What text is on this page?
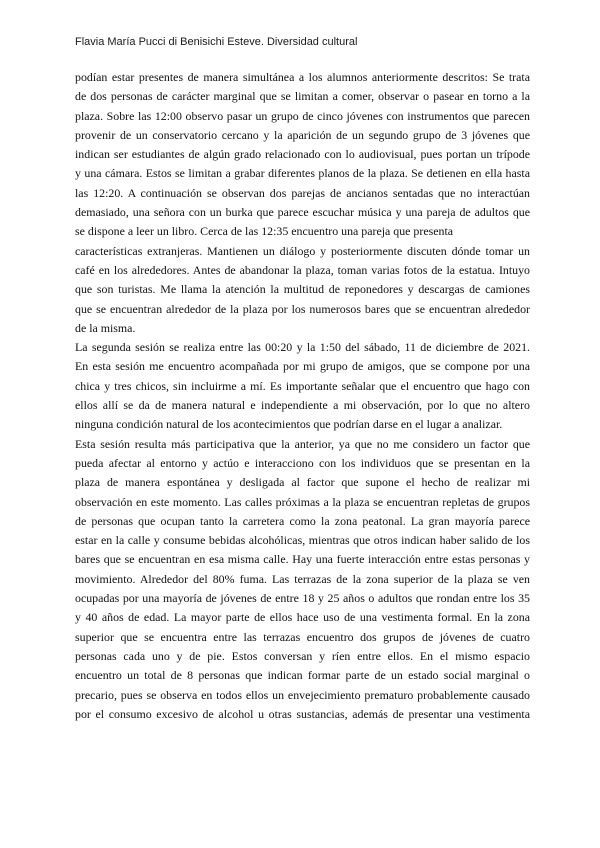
Flavia María Pucci di Benisichi Esteve. Diversidad cultural
podían estar presentes de manera simultánea a los alumnos anteriormente descritos: Se trata
de dos personas de carácter marginal que se limitan a comer, observar o pasear en torno a la
plaza. Sobre las 12:00 observo pasar un grupo de cinco jóvenes con instrumentos que parecen
provenir de un conservatorio cercano y la aparición de un segundo grupo de 3 jóvenes que
indican ser estudiantes de algún grado relacionado con lo audiovisual, pues portan un trípode
y una cámara. Estos se limitan a grabar diferentes planos de la plaza. Se detienen en ella hasta
las 12:20. A continuación se observan dos parejas de ancianos sentadas que no interactúan
demasiado, una señora con un burka que parece escuchar música y una pareja de adultos que
se dispone a leer un libro. Cerca de las 12:35 encuentro una pareja que presenta
características extranjeras. Mantienen un diálogo y posteriormente discuten dónde tomar un
café en los alrededores. Antes de abandonar la plaza, toman varias fotos de la estatua. Intuyo
que son turistas. Me llama la atención la multitud de reponedores y descargas de camiones
que se encuentran alrededor de la plaza por los numerosos bares que se encuentran alrededor
de la misma.
La segunda sesión se realiza entre las 00:20 y la 1:50 del sábado, 11 de diciembre de 2021.
En esta sesión me encuentro acompañada por mi grupo de amigos, que se compone por una
chica y tres chicos, sin incluirme a mí. Es importante señalar que el encuentro que hago con
ellos allí se da de manera natural e independiente a mi observación, por lo que no altero
ninguna condición natural de los acontecimientos que podrían darse en el lugar a analizar.
Esta sesión resulta más participativa que la anterior, ya que no me considero un factor que
pueda afectar al entorno y actúo e interacciono con los individuos que se presentan en la
plaza de manera espontánea y desligada al factor que supone el hecho de realizar mi
observación en este momento. Las calles próximas a la plaza se encuentran repletas de grupos
de personas que ocupan tanto la carretera como la zona peatonal. La gran mayoría parece
estar en la calle y consume bebidas alcohólicas, mientras que otros indican haber salido de los
bares que se encuentran en esa misma calle. Hay una fuerte interacción entre estas personas y
movimiento. Alrededor del 80% fuma. Las terrazas de la zona superior de la plaza se ven
ocupadas por una mayoría de jóvenes de entre 18 y 25 años o adultos que rondan entre los 35
y 40 años de edad. La mayor parte de ellos hace uso de una vestimenta formal. En la zona
superior que se encuentra entre las terrazas encuentro dos grupos de jóvenes de cuatro
personas cada uno y de pie. Estos conversan y ríen entre ellos. En el mismo espacio
encuentro un total de 8 personas que indican formar parte de un estado social marginal o
precario, pues se observa en todos ellos un envejecimiento prematuro probablemente causado
por el consumo excesivo de alcohol u otras sustancias, además de presentar una vestimenta
